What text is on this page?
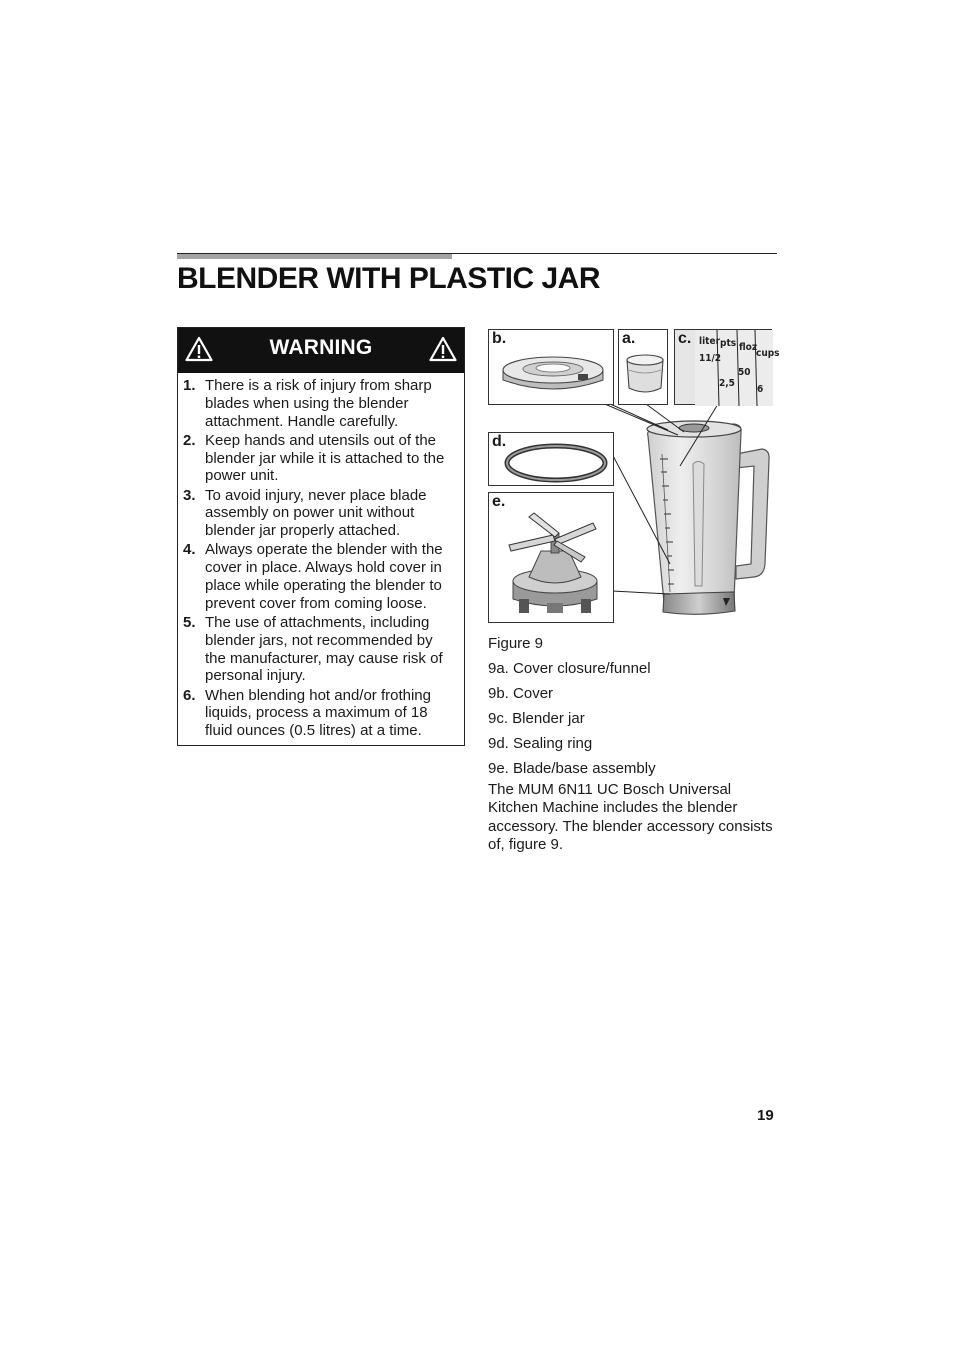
BLENDER WITH PLASTIC JAR
WARNING
1. There is a risk of injury from sharp blades when using the blender attachment. Handle carefully.
2. Keep hands and utensils out of the blender jar while it is attached to the power unit.
3. To avoid injury, never place blade assembly on power unit without blender jar properly attached.
4. Always operate the blender with the cover in place. Always hold cover in place while operating the blender to prevent cover from coming loose.
5. The use of attachments, including blender jars, not recommended by the manufacturer, may cause risk of personal injury.
6. When blending hot and/or frothing liquids, process a maximum of 18 fluid ounces (0.5 litres) at a time.
b.	a.	c. liter pts floz
cups
11/2
2,5
50
6
d.
e.
Figure 9
9a. Cover closure/funnel
9b. Cover
9c. Blender jar
9d. Sealing ring
9e. Blade/base assembly
The MUM 6N11 UC Bosch Universal Kitchen Machine includes the blender accessory. The blender accessory consists of, figure 9.
19
